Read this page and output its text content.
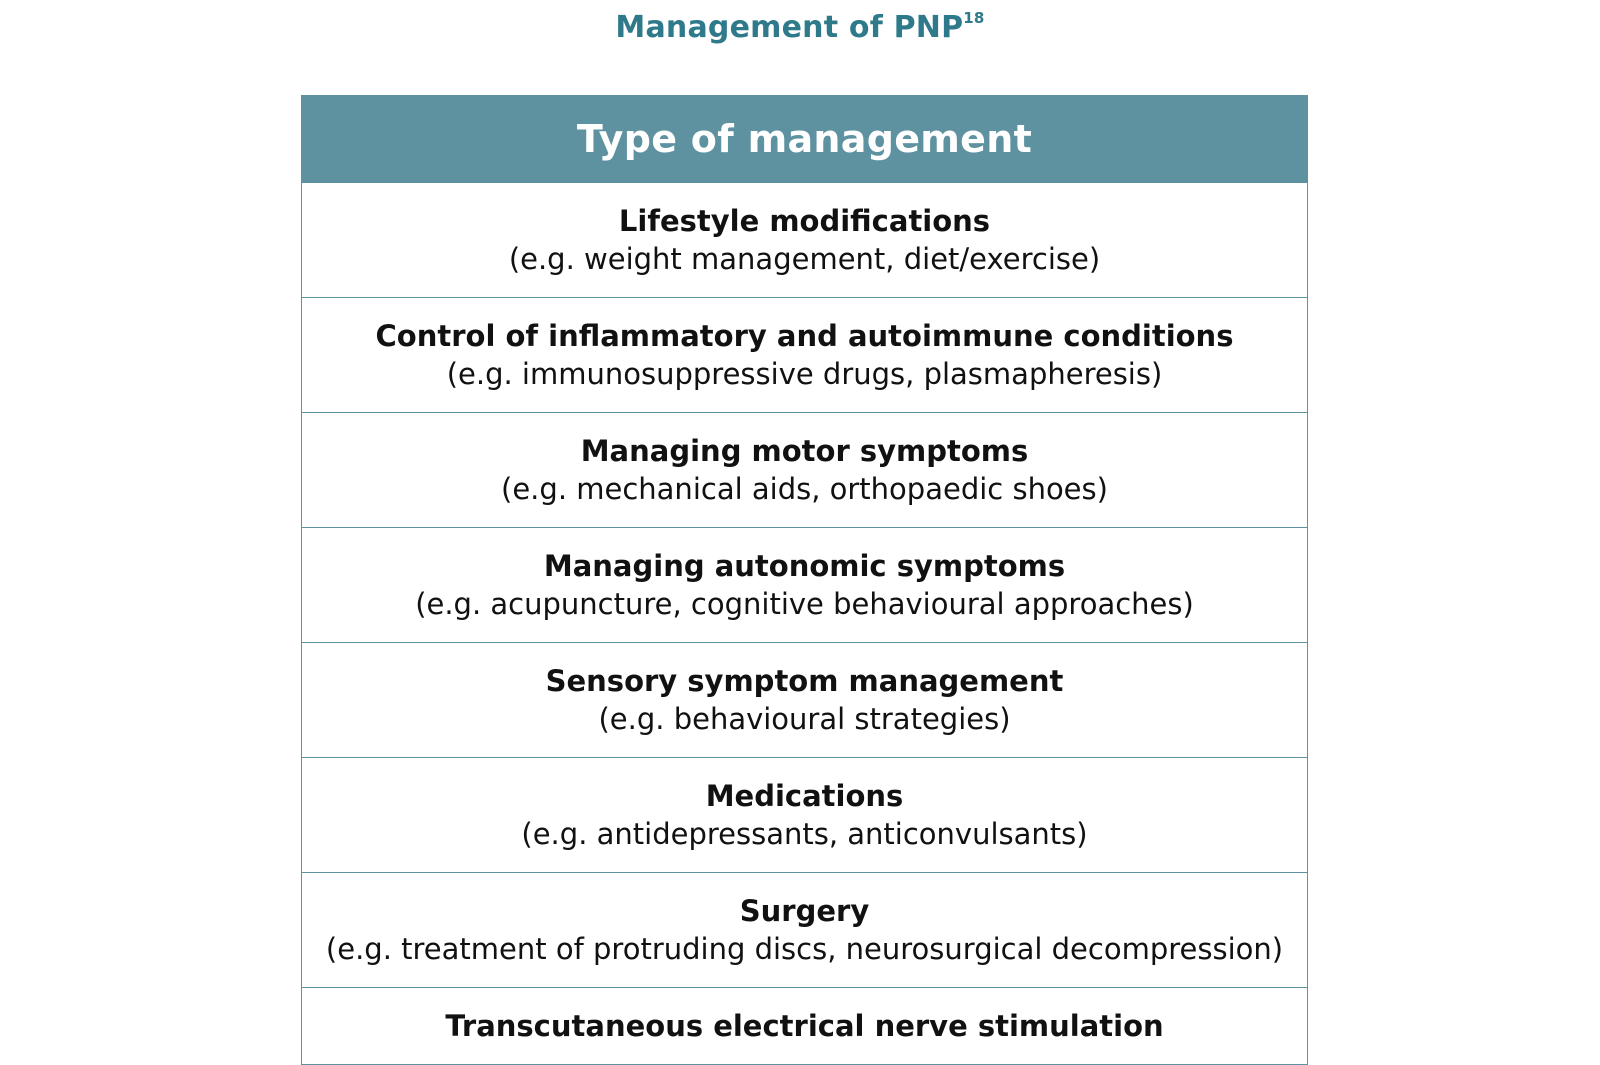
Management of PNP$^{18}$
Type of management
Lifestyle modifications
(e.g. weight management, diet/exercise)
Control of inflammatory and autoimmune conditions
(e.g. immunosuppressive drugs, plasmapheresis)
Managing motor symptoms
(e.g. mechanical aids, orthopaedic shoes)
Managing autonomic symptoms
(e.g. acupuncture, cognitive behavioural approaches)
Sensory symptom management
(e.g. behavioural strategies)
Medications
(e.g. antidepressants, anticonvulsants)
Surgery
(e.g. treatment of protruding discs, neurosurgical decompression)
Transcutaneous electrical nerve stimulation
